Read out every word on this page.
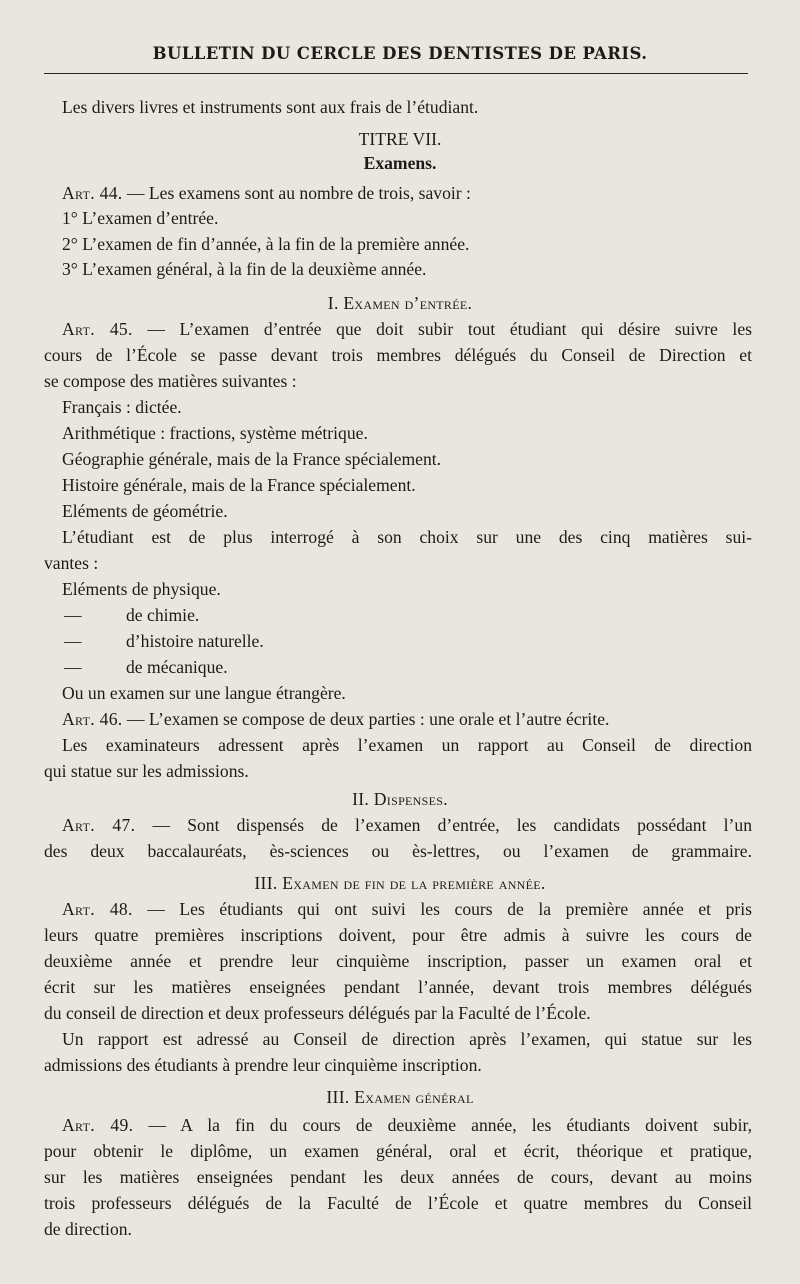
BULLETIN DU CERCLE DES DENTISTES DE PARIS.
Les divers livres et instruments sont aux frais de l’étudiant.
TITRE VII.
Examens.
Art. 44. — Les examens sont au nombre de trois, savoir :
1° L’examen d’entrée.
2° L’examen de fin d’année, à la fin de la première année.
3° L’examen général, à la fin de la deuxième année.
I. Examen d’entrée.
Art. 45. — L’examen d’entrée que doit subir tout étudiant qui désire suivre les
cours de l’École se passe devant trois membres délégués du Conseil de Direction et
se compose des matières suivantes :
Français : dictée.
Arithmétique : fractions, système métrique.
Géographie générale, mais de la France spécialement.
Histoire générale, mais de la France spécialement.
Eléments de géométrie.
L’étudiant est de plus interrogé à son choix sur une des cinq matières sui-
vantes :
Eléments de physique.
—	de chimie.
—	d’histoire naturelle.
—	de mécanique.
Ou un examen sur une langue étrangère.
Art. 46. — L’examen se compose de deux parties : une orale et l’autre écrite.
Les examinateurs adressent après l’examen un rapport au Conseil de direction
qui statue sur les admissions.
II. Dispenses.
Art. 47. — Sont dispensés de l’examen d’entrée, les candidats possédant l’un
des deux baccalauréats, ès-sciences ou ès-lettres, ou l’examen de grammaire.
III. Examen de fin de la première année.
Art. 48. — Les étudiants qui ont suivi les cours de la première année et pris
leurs quatre premières inscriptions doivent, pour être admis à suivre les cours de
deuxième année et prendre leur cinquième inscription, passer un examen oral et
écrit sur les matières enseignées pendant l’année, devant trois membres délégués
du conseil de direction et deux professeurs délégués par la Faculté de l’École.
Un rapport est adressé au Conseil de direction après l’examen, qui statue sur les
admissions des étudiants à prendre leur cinquième inscription.
III. Examen général
Art. 49. — A la fin du cours de deuxième année, les étudiants doivent subir,
pour obtenir le diplôme, un examen général, oral et écrit, théorique et pratique,
sur les matières enseignées pendant les deux années de cours, devant au moins
trois professeurs délégués de la Faculté de l’École et quatre membres du Conseil
de direction.
